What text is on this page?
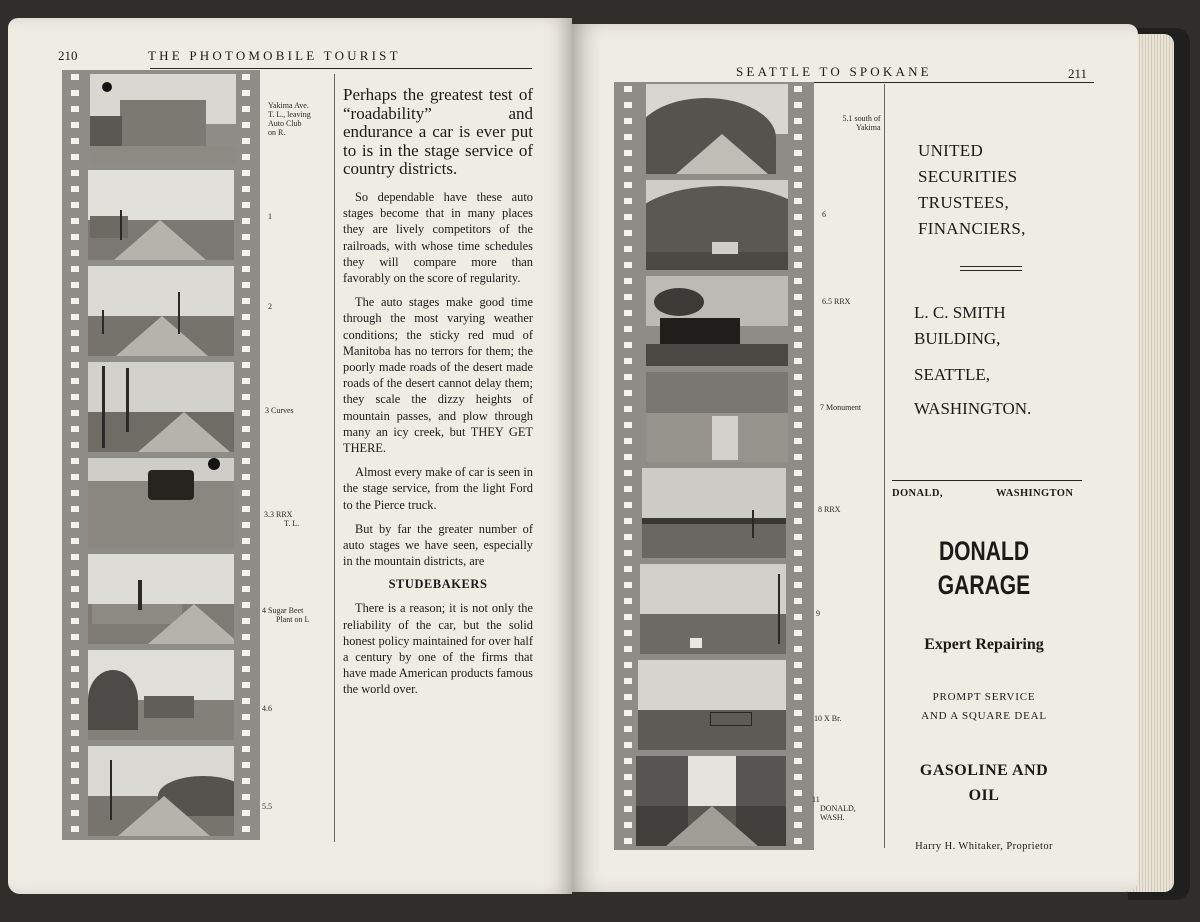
210	THE PHOTOMOBILE TOURIST
Yakima Ave.
T. L., leaving
Auto Club
on R.
1
2
3 Curves
3.3 RRX
T. L.
4 Sugar Beet
Plant on L
4.6
5.5

Perhaps the greatest test of “roadability” and endurance a car is ever put to is in the stage service of country districts.

So dependable have these auto stages become that in many places they are lively competitors of the railroads, with whose time schedules they will compare more than favorably on the score of regularity.

The auto stages make good time through the most varying weather conditions; the sticky red mud of Manitoba has no terrors for them; the poorly made roads of the desert made roads of the desert cannot delay them; they scale the dizzy heights of mountain passes, and plow through many an icy creek, but THEY GET THERE.

Almost every make of car is seen in the stage service, from the light Ford to the Pierce truck.

But by far the greater number of auto stages we have seen, especially in the mountain districts, are

STUDEBAKERS

There is a reason; it is not only the reliability of the car, but the solid honest policy maintained for over half a century by one of the firms that have made American products famous the world over.

SEATTLE TO SPOKANE	211
5.1 south of
Yakima
6
6.5 RRX
7 Monument
8 RRX
9
10 X Br.
11
DONALD,
WASH.
UNITED
SECURITIES
TRUSTEES,
FINANCIERS,
L. C. SMITH
BUILDING,
SEATTLE,
WASHINGTON.
DONALD,	WASHINGTON
DONALD
GARAGE
Expert Repairing
PROMPT SERVICE
AND A SQUARE DEAL
GASOLINE AND
OIL
Harry H. Whitaker, Proprietor
